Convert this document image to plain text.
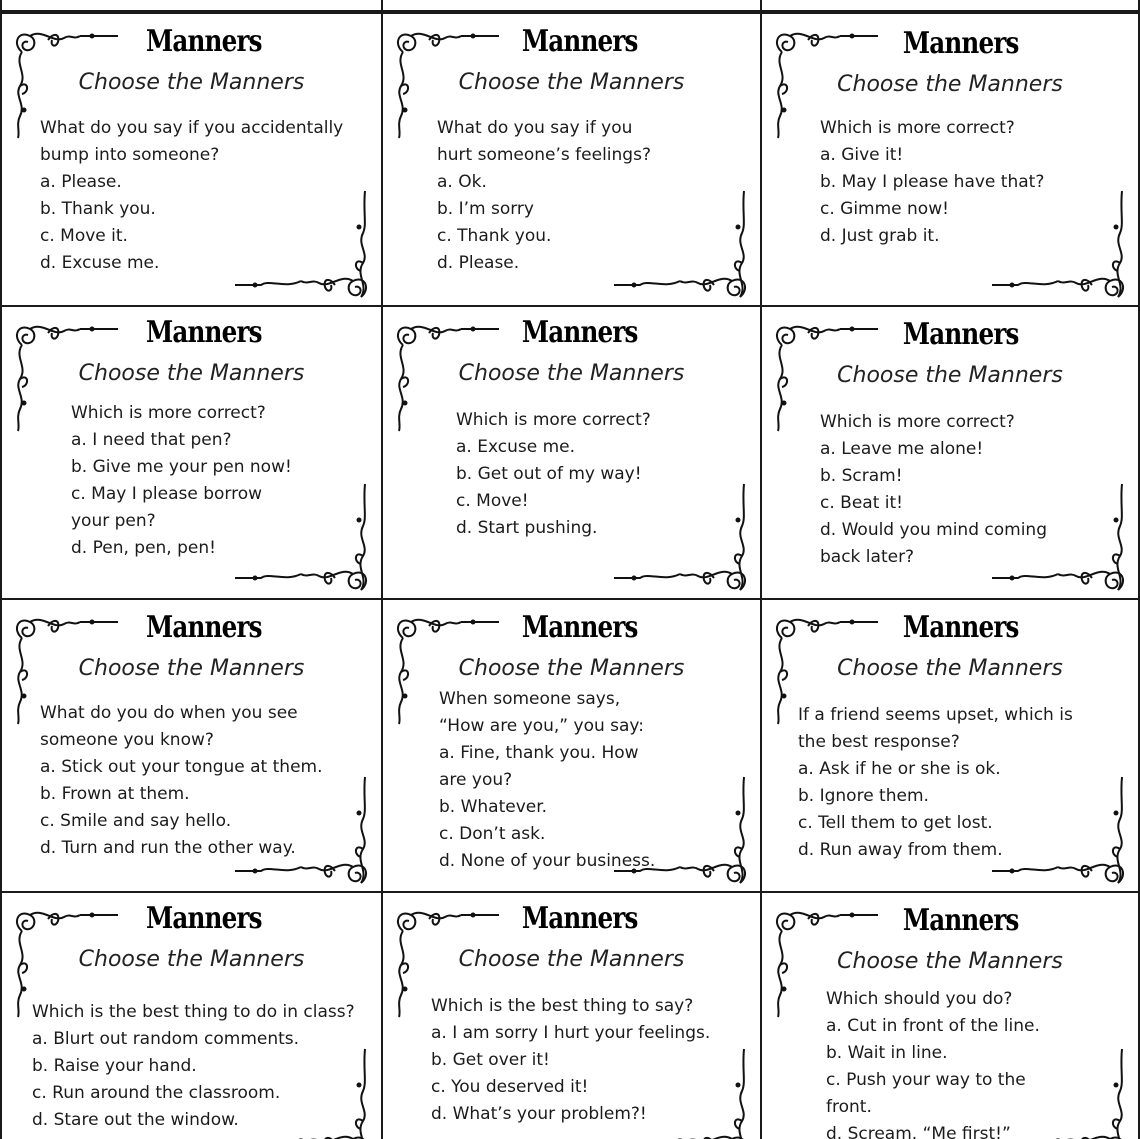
Manners
Choose the Manners
What do you say if you accidentally
bump into someone?
a. Please.
b. Thank you.
c. Move it.
d. Excuse me.
Manners
Choose the Manners
What do you say if you
hurt someone’s feelings?
a. Ok.
b. I’m sorry
c. Thank you.
d. Please.
Manners
Choose the Manners
Which is more correct?
a. Give it!
b. May I please have that?
c. Gimme now!
d. Just grab it.
Manners
Choose the Manners
Which is more correct?
a. I need that pen?
b. Give me your pen now!
c. May I please borrow
your pen?
d. Pen, pen, pen!
Manners
Choose the Manners
Which is more correct?
a. Excuse me.
b. Get out of my way!
c. Move!
d. Start pushing.
Manners
Choose the Manners
Which is more correct?
a. Leave me alone!
b. Scram!
c. Beat it!
d. Would you mind coming
back later?
Manners
Choose the Manners
What do you do when you see
someone you know?
a. Stick out your tongue at them.
b. Frown at them.
c. Smile and say hello.
d. Turn and run the other way.
Manners
Choose the Manners
When someone says,
“How are you,” you say:
a. Fine, thank you. How
are you?
b. Whatever.
c. Don’t ask.
d. None of your business.
Manners
Choose the Manners
If a friend seems upset, which is
the best response?
a. Ask if he or she is ok.
b. Ignore them.
c. Tell them to get lost.
d. Run away from them.
Manners
Choose the Manners
Which is the best thing to do in class?
a. Blurt out random comments.
b. Raise your hand.
c. Run around the classroom.
d. Stare out the window.
Manners
Choose the Manners
Which is the best thing to say?
a. I am sorry I hurt your feelings.
b. Get over it!
c. You deserved it!
d. What’s your problem?!
Manners
Choose the Manners
Which should you do?
a. Cut in front of the line.
b. Wait in line.
c. Push your way to the
front.
d. Scream. “Me first!”
